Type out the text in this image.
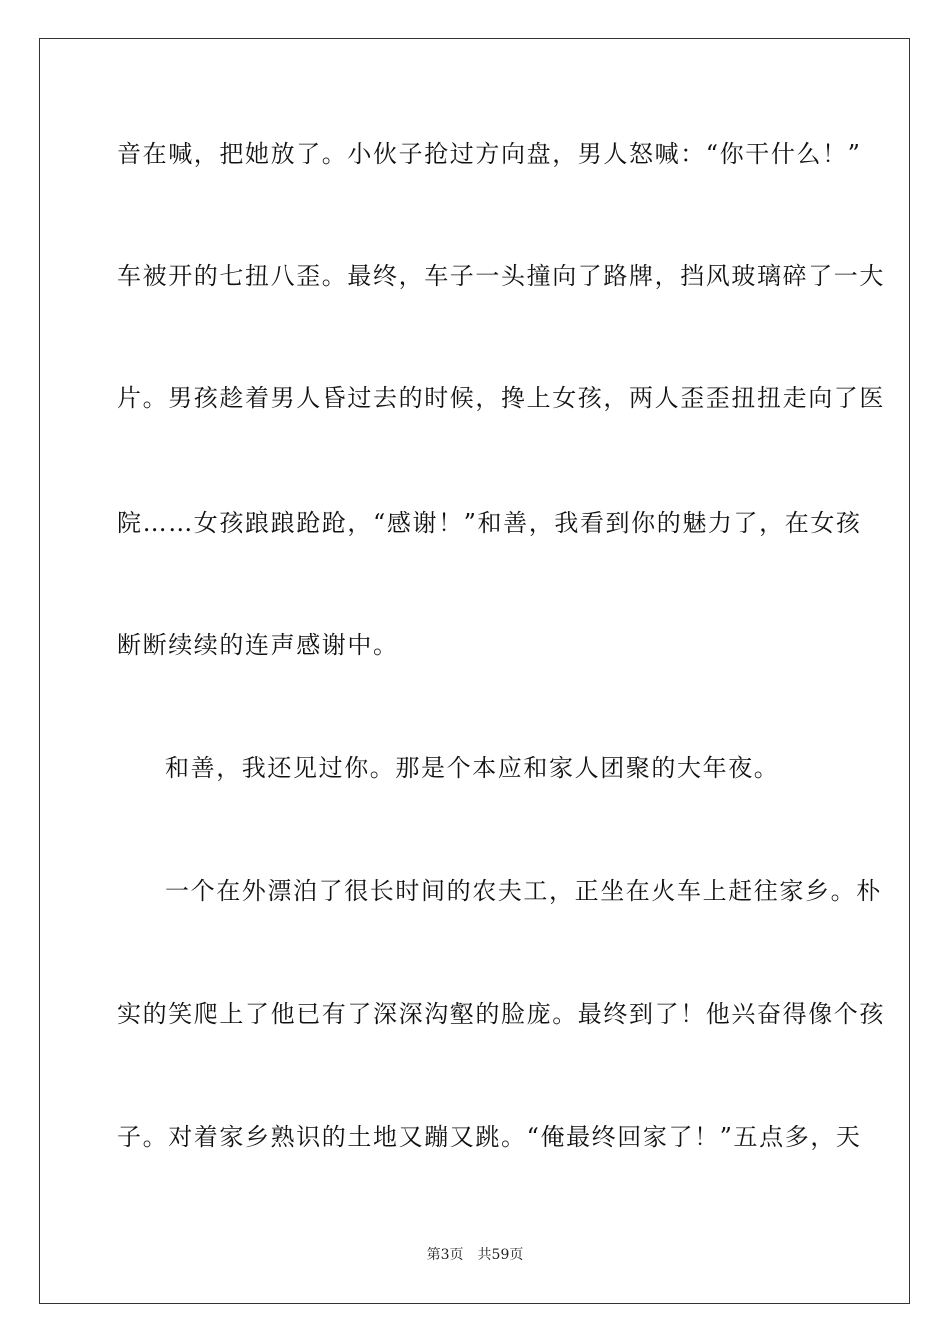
音在喊，把她放了。小伙子抢过方向盘，男人怒喊：“你干什么！”
车被开的七扭八歪。最终，车子一头撞向了路牌，挡风玻璃碎了一大
片。男孩趁着男人昏过去的时候，搀上女孩，两人歪歪扭扭走向了医
院……女孩踉踉跄跄，“感谢！”和善，我看到你的魅力了，在女孩
断断续续的连声感谢中。
和善，我还见过你。那是个本应和家人团聚的大年夜。
一个在外漂泊了很长时间的农夫工，正坐在火车上赶往家乡。朴
实的笑爬上了他已有了深深沟壑的脸庞。最终到了！他兴奋得像个孩
子。对着家乡熟识的土地又蹦又跳。“俺最终回家了！”五点多，天
第3页 共59页
